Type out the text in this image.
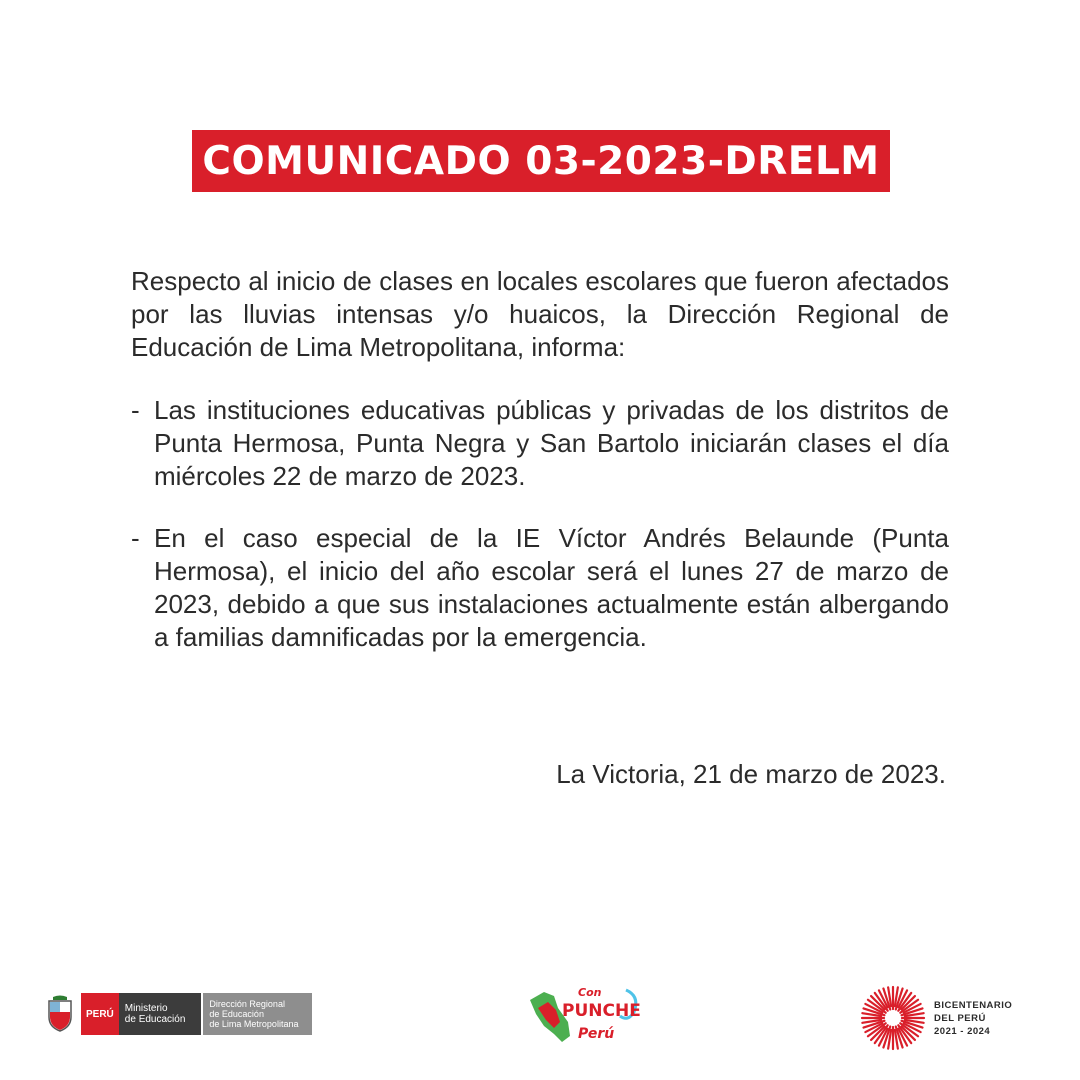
COMUNICADO 03-2023-DRELM
Respecto al inicio de clases en locales escolares que fueron afectados por las lluvias intensas y/o huaicos, la Dirección Regional de Educación de Lima Metropolitana, informa:
- Las instituciones educativas públicas y privadas de los distritos de Punta Hermosa, Punta Negra y San Bartolo iniciarán clases el día miércoles 22 de marzo de 2023.
- En el caso especial de la IE Víctor Andrés Belaunde (Punta Hermosa), el inicio del año escolar será el lunes 27 de marzo de 2023, debido a que sus instalaciones actualmente están albergando a familias damnificadas por la emergencia.
La Victoria, 21 de marzo de 2023.
PERÚ Ministerio
de Educación
Dirección Regional
de Educación
de Lima Metropolitana
Con
PUNCHE
Perú
BICENTENARIO
DEL PERÚ
2021 - 2024
